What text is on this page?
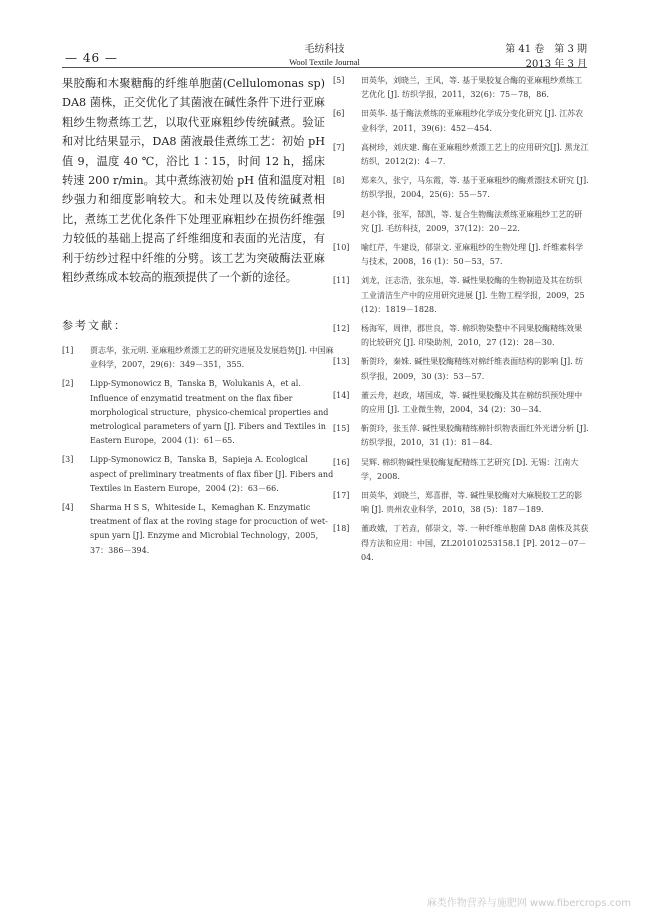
— 46 —
毛纺科技
Wool Textile Journal
第 41 卷　第 3 期
2013 年 3 月
果胶酶和木聚糖酶的纤维单胞菌(Cellulomonas sp) DA8 菌株，正交优化了其菌液在碱性条件下进行亚麻粗纱生物煮练工艺，以取代亚麻粗纱传统碱煮。验证和对比结果显示，DA8 菌液最佳煮练工艺：初始 pH 值 9，温度 40 ℃，浴比 1∶15，时间 12 h，摇床转速 200 r/min。其中煮练液初始 pH 值和温度对粗纱强力和细度影响较大。和未处理以及传统碱煮相比，煮练工艺优化条件下处理亚麻粗纱在损伤纤维强力较低的基础上提高了纤维细度和表面的光洁度，有利于纺纱过程中纤维的分劈。该工艺为突破酶法亚麻粗纱煮练成本较高的瓶颈提供了一个新的途径。
参考文献：
[1] 贾志华，张元明. 亚麻粗纱煮漂工艺的研究进展及发展趋势[J]. 中国麻业科学，2007，29(6)：349－351，355.
[2] Lipp-Symonowicz B，Tanska B，Wolukanis A，et al. Influence of enzymatid treatment on the flax fiber morphological structure，physico-chemical properties and metrological parameters of yarn [J]. Fibers and Textiles in Eastern Europe，2004 (1)：61－65.
[3] Lipp-Symonowicz B，Tanska B，Sapieja A. Ecological aspect of preliminary treatments of flax fiber [J]. Fibers and Textiles in Eastern Europe，2004 (2)：63－66.
[4] Sharma H S S，Whiteside L，Kemaghan K. Enzymatic treatment of flax at the roving stage for procuction of wet-spun yarn [J]. Enzyme and Microbial Technology，2005，37：386－394.
[5] 田英华，刘晓兰，王风，等. 基于果胶复合酶的亚麻粗纱煮练工艺优化 [J]. 纺织学报，2011，32(6)：75－78，86.
[6] 田英华. 基于酶法煮练的亚麻粗纱化学成分变化研究 [J]. 江苏农业科学，2011，39(6)：452－454.
[7] 高树珍，刘庆建. 酶在亚麻粗纱煮漂工艺上的应用研究[J]. 黑龙江纺织，2012(2)：4－7.
[8] 郑来久，张宁，马东霞，等. 基于亚麻粗纱的酶煮漂技术研究 [J]. 纺织学报，2004，25(6)：55－57.
[9] 赵小锋，张军，郜凯，等. 复合生物酶法煮练亚麻粗纱工艺的研究 [J]. 毛纺科技，2009，37(12)：20－22.
[10] 喻红芹，牛建设，郁崇文. 亚麻粗纱的生物处理 [J]. 纤维素科学与技术，2008，16 (1)：50－53，57.
[11] 刘龙，汪志浩，张东旭，等. 碱性果胶酶的生物制造及其在纺织工业清洁生产中的应用研究进展 [J]. 生物工程学报，2009，25 (12)：1819－1828.
[12] 杨海军，周律，郡世良，等. 棉织物染整中不同果胶酶精练效果的比较研究 [J]. 印染助剂，2010，27 (12)：28－30.
[13] 靳贺玲，秦姝. 碱性果胶酶精练对棉纤维表面结构的影响 [J]. 纺织学报，2009，30 (3)：53－57.
[14] 董云舟，赵政，堵国成，等. 碱性果胶酶及其在棉纺织预处理中的应用 [J]. 工业微生物，2004，34 (2)：30－34.
[15] 靳贺玲，张玉萍. 碱性果胶酶精练棉针织物表面红外光谱分析 [J]. 纺织学报，2010，31 (1)：81－84.
[16] 吴辉. 棉织物碱性果胶酶复配精练工艺研究 [D]. 无锡：江南大学，2008.
[17] 田英华，刘晓兰，郑喜群，等. 碱性果胶酶对大麻脱胶工艺的影响 [J]. 贵州农业科学，2010，38 (5)：187－189.
[18] 董政娥，丁若垚，郁崇文，等. 一种纤维单胞菌 DA8 菌株及其获得方法和应用：中国，ZL201010253158.1 [P]. 2012－07－04.
麻类作物营养与施肥网 www.fibercrops.com
